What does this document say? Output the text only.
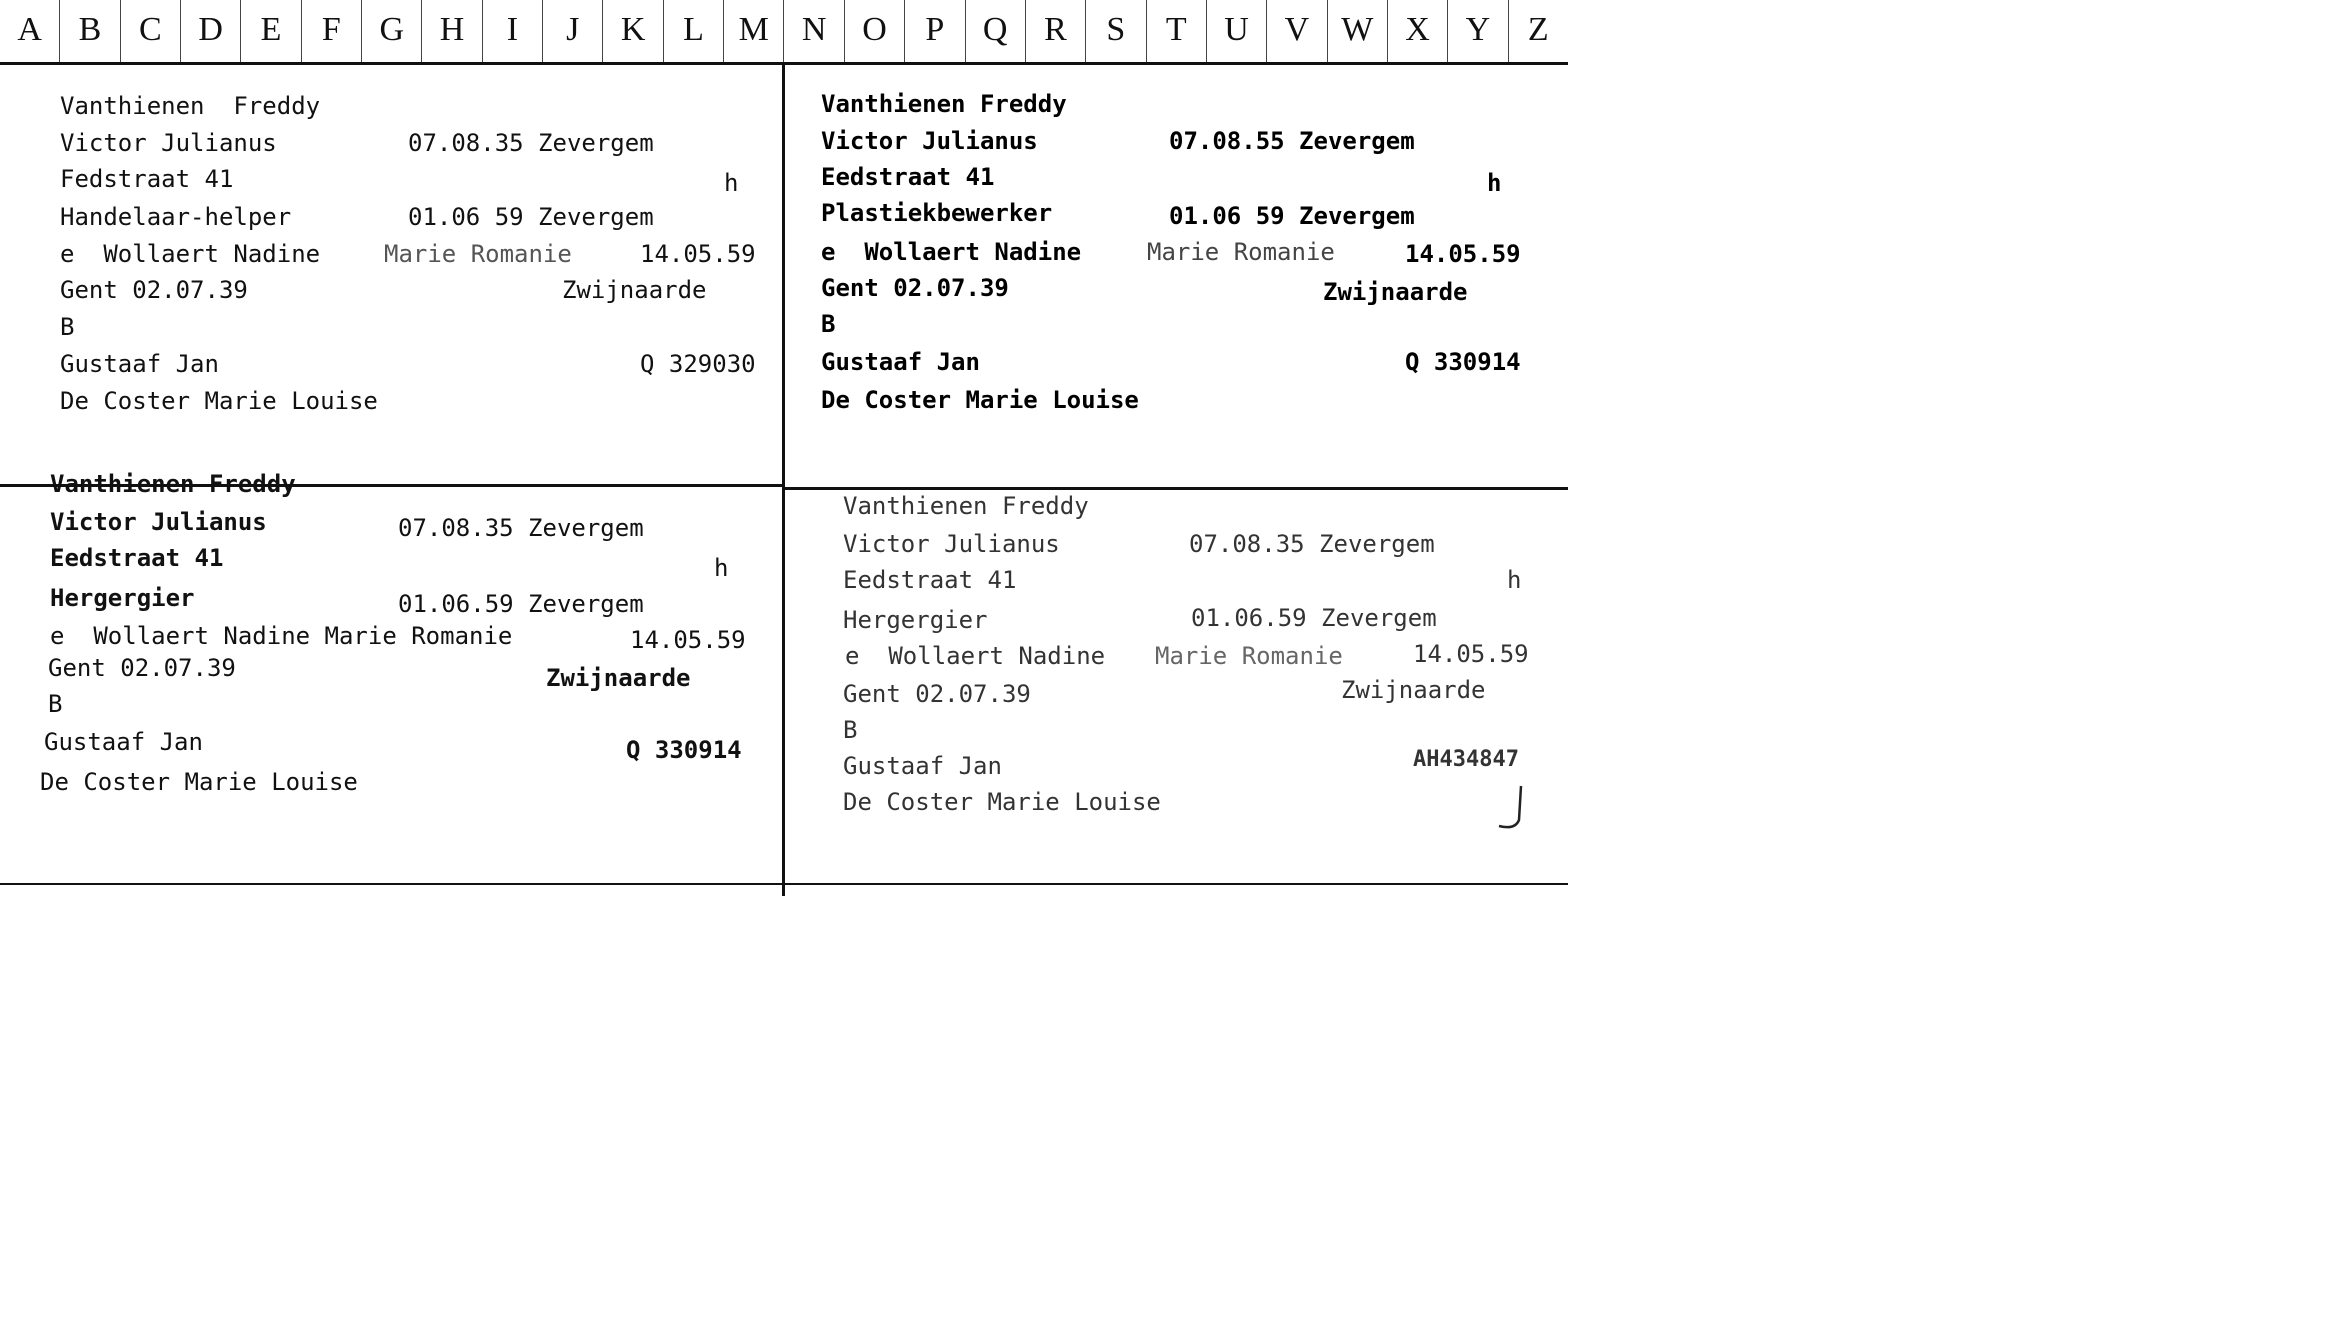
A	B	C	D	E	F	G	H	I	J	K	L	M N	O	P	Q	R	S	T	U	V W X	Y	Z
Vanthienen  Freddy
Victor Julianus	07.08.35 Zevergem
Fedstraat 41	h
Handelaar-helper	01.06 59 Zevergem
e  Wollaert Nadine	Marie Romanie	14.05.59
Gent 02.07.39	Zwijnaarde
B
Gustaaf Jan	Q 329030
De Coster Marie Louise
Vanthienen Freddy
Victor Julianus	07.08.55 Zevergem
Eedstraat 41	h
Plastiekbewerker	01.06 59 Zevergem
e  Wollaert Nadine	Marie Romanie	14.05.59
Gent 02.07.39	Zwijnaarde
B
Gustaaf Jan	Q 330914
De Coster Marie Louise
Vanthienen Freddy
Victor Julianus	07.08.35 Zevergem
Eedstraat 41	h
Hergergier	01.06.59 Zevergem
e  Wollaert Nadine Marie Romanie	14.05.59
Gent 02.07.39	Zwijnaarde
B
Gustaaf Jan	Q 330914
De Coster Marie Louise
Vanthienen Freddy
Victor Julianus	07.08.35 Zevergem
Eedstraat 41	h
Hergergier	01.06.59 Zevergem
e  Wollaert Nadine Marie Romanie	14.05.59
Gent 02.07.39	Zwijnaarde
B
Gustaaf Jan	AH434847
De Coster Marie Louise
